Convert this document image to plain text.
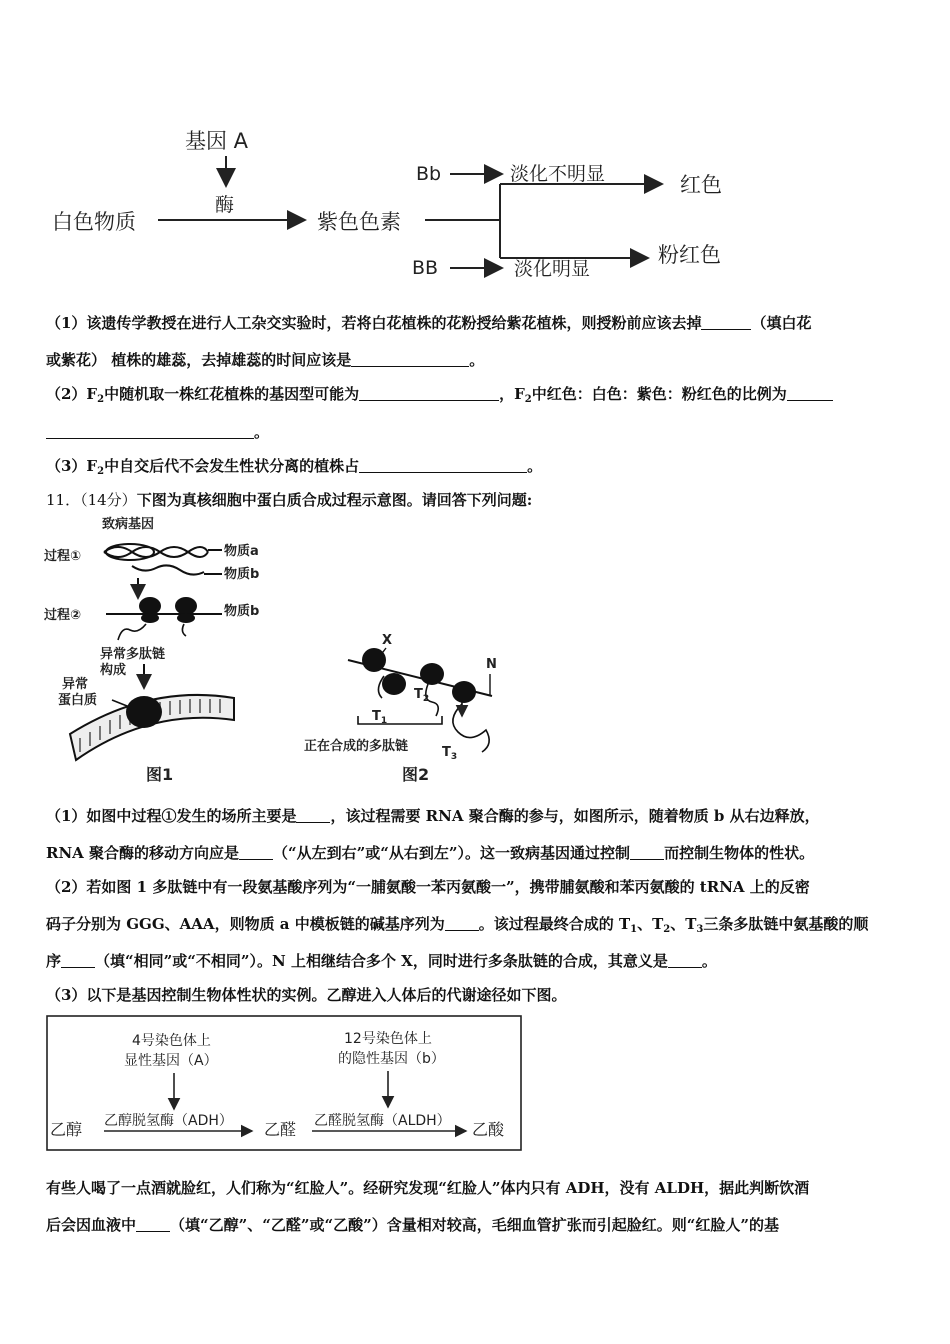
基因 A
酶
白色物质	紫色色素
Bb	淡化不明显	红色
BB	淡化明显
粉红色

（1）该遗传学教授在进行人工杂交实验时，若将白花植株的花粉授给紫花植株，则授粉前应该去掉	（填白花

或紫花） 植株的雄蕊，去掉雄蕊的时间应该是	。

$(2)F_2$中随机取一株红花植株的基因型可能为	，$F_2$中红色：白色：紫色：粉红色的比例为

。

$(3)F_2$中自交后代不会发生性状分离的植株占	。

11．（14分）下图为真核细胞中蛋白质合成过程示意图。请回答下列问题:

致病基因
过程①	物质a
物质b
过程②	物质b
异常多肽链
构成
异常
蛋白质
图1
X
N
$T_1$
$T_2$
$T_3$
正在合成的多肽链
图2

（1）如图中过程①发生的场所主要是 ，该过程需要 RNA 聚合酶的参与，如图所示，随着物质 b 从右边释放，

RNA 聚合酶的移动方向应是 （“从左到右”或“从右到左”）。这一致病基因通过控制 而控制生物体的性状。

（2）若如图 1 多肽链中有一段氨基酸序列为“一脯氨酸一苯丙氨酸一”，携带脯氨酸和苯丙氨酸的 tRNA 上的反密

码子分别为 GGG、AAA，则物质 a 中模板链的碱基序列为 。该过程最终合成的 $T_1$、$T_2$、$T_3$三条多肽链中氨基酸的顺

序 （填“相同”或“不相同”）。N 上相继结合多个 X，同时进行多条肽链的合成，其意义是 。

（3）以下是基因控制生物体性状的实例。乙醇进入人体后的代谢途径如下图。

4号染色体上
显性基因（A）
12号染色体上
的隐性基因（b）
乙醇 乙醇脱氢酶（ADH） 乙醛 乙醛脱氢酶（ALDH） 乙酸

有些人喝了一点酒就脸红，人们称为“红脸人”。经研究发现“红脸人”体内只有 ADH，没有 ALDH，据此判断饮酒

后会因血液中 （填“乙醇”、“乙醛”或“乙酸”）含量相对较高，毛细血管扩张而引起脸红。则“红脸人”的基
